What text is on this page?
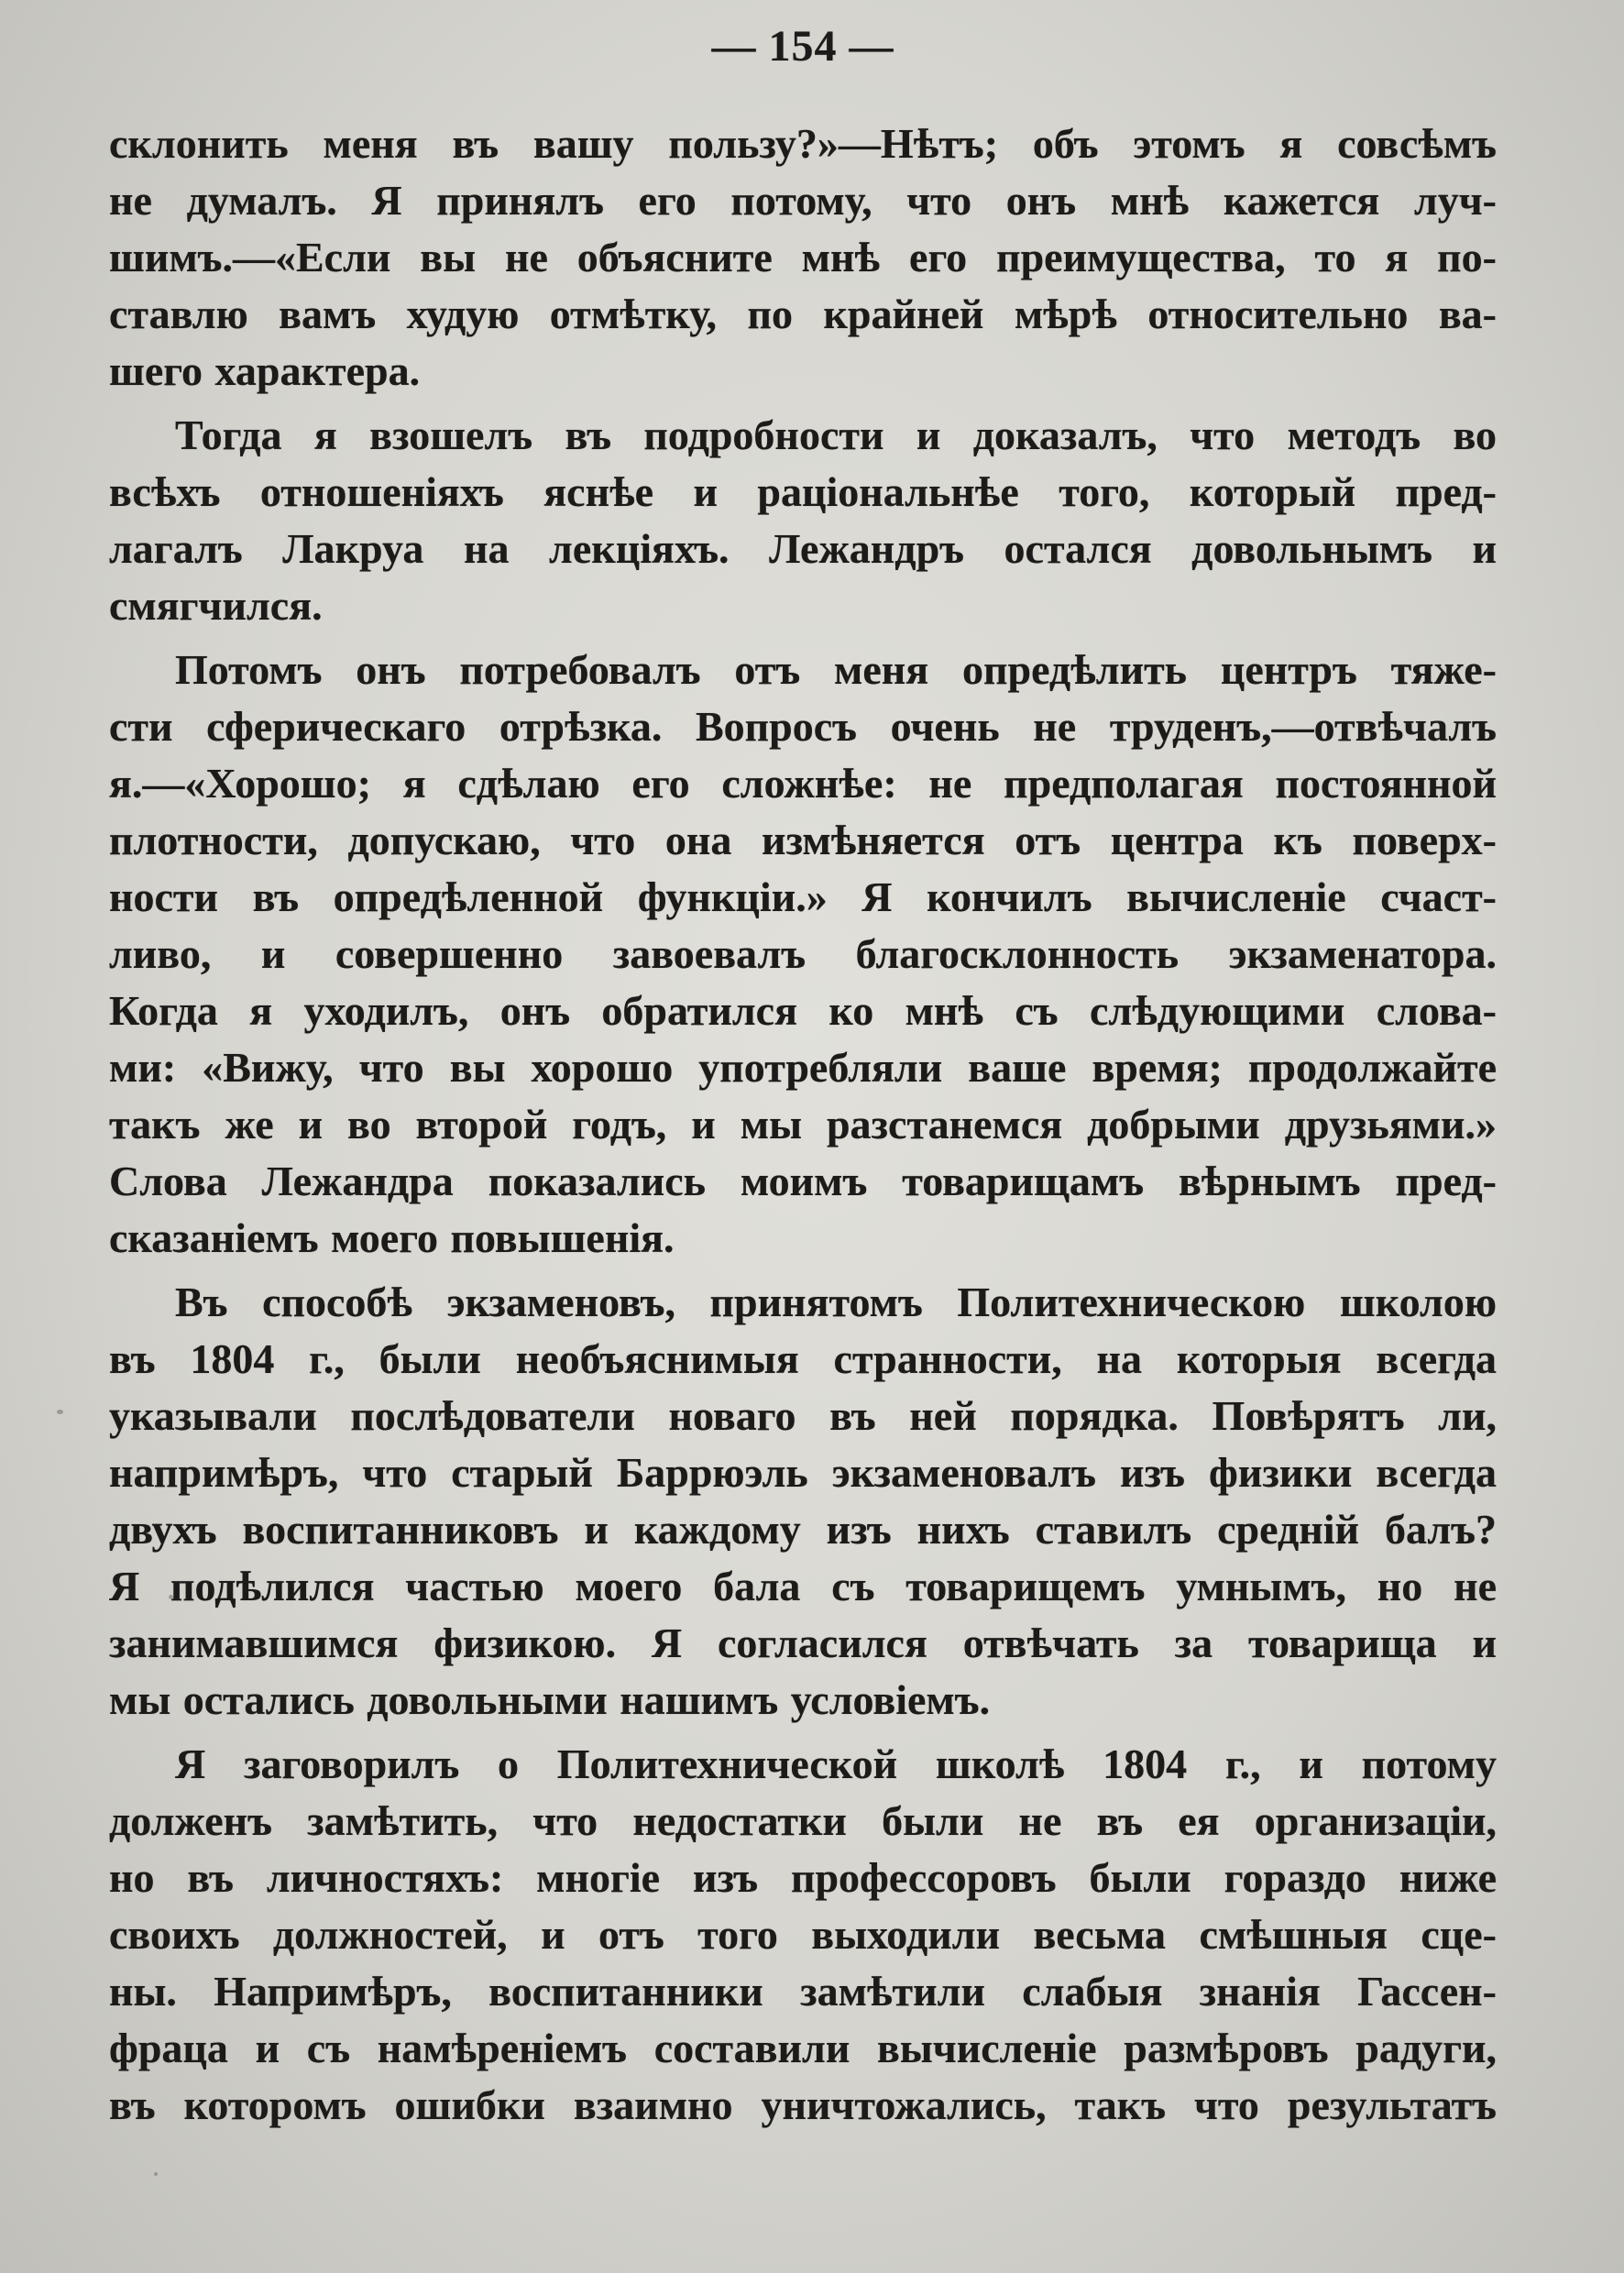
— 154 —
склонить меня въ вашу пользу?»—Нѣтъ; объ этомъ я совсѣмъ
не думалъ. Я принялъ его потому, что онъ мнѣ кажется луч-
шимъ.—«Если вы не объясните мнѣ его преимущества, то я по-
ставлю вамъ худую отмѣтку, по крайней мѣрѣ относительно ва-
шего характера.
Тогда я взошелъ въ подробности и доказалъ, что методъ во
всѣхъ отношеніяхъ яснѣе и раціональнѣе того, который пред-
лагалъ Лакруа на лекціяхъ. Лежандръ остался довольнымъ и
смягчился.
Потомъ онъ потребовалъ отъ меня опредѣлить центръ тяже-
сти сферическаго отрѣзка. Вопросъ очень не труденъ,—отвѣчалъ
я.—«Хорошо; я сдѣлаю его сложнѣе: не предполагая постоянной
плотности, допускаю, что она измѣняется отъ центра къ поверх-
ности въ опредѣленной функціи.» Я кончилъ вычисленіе счаст-
ливо, и совершенно завоевалъ благосклонность экзаменатора.
Когда я уходилъ, онъ обратился ко мнѣ съ слѣдующими слова-
ми: «Вижу, что вы хорошо употребляли ваше время; продолжайте
такъ же и во второй годъ, и мы разстанемся добрыми друзьями.»
Слова Лежандра показались моимъ товарищамъ вѣрнымъ пред-
сказаніемъ моего повышенія.
Въ способѣ экзаменовъ, принятомъ Политехническою школою
въ 1804 г., были необъяснимыя странности, на которыя всегда
указывали послѣдователи новаго въ ней порядка. Повѣрятъ ли,
напримѣръ, что старый Баррюэль экзаменовалъ изъ физики всегда
двухъ воспитанниковъ и каждому изъ нихъ ставилъ средній балъ?
Я подѣлился частью моего бала съ товарищемъ умнымъ, но не
занимавшимся физикою. Я согласился отвѣчать за товарища и
мы остались довольными нашимъ условіемъ.
Я заговорилъ о Политехнической школѣ 1804 г., и потому
долженъ замѣтить, что недостатки были не въ ея организаціи,
но въ личностяхъ: многіе изъ профессоровъ были гораздо ниже
своихъ должностей, и отъ того выходили весьма смѣшныя сце-
ны. Напримѣръ, воспитанники замѣтили слабыя знанія Гассен-
фраца и съ намѣреніемъ составили вычисленіе размѣровъ радуги,
въ которомъ ошибки взаимно уничтожались, такъ что результатъ
